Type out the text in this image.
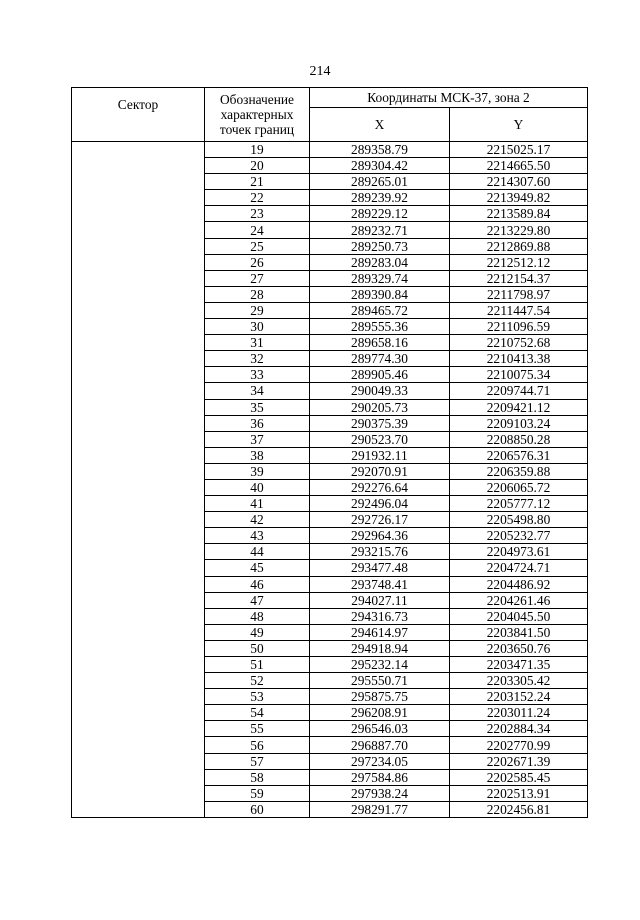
214
Сектор	Обозначение характерных точек границ	Координаты МСК-37, зона 2	
		X	Y
	19	289358.79	2215025.17
	20	289304.42	2214665.50
	21	289265.01	2214307.60
	22	289239.92	2213949.82
	23	289229.12	2213589.84
	24	289232.71	2213229.80
	25	289250.73	2212869.88
	26	289283.04	2212512.12
	27	289329.74	2212154.37
	28	289390.84	2211798.97
	29	289465.72	2211447.54
	30	289555.36	2211096.59
	31	289658.16	2210752.68
	32	289774.30	2210413.38
	33	289905.46	2210075.34
	34	290049.33	2209744.71
	35	290205.73	2209421.12
	36	290375.39	2209103.24
	37	290523.70	2208850.28
	38	291932.11	2206576.31
	39	292070.91	2206359.88
	40	292276.64	2206065.72
	41	292496.04	2205777.12
	42	292726.17	2205498.80
	43	292964.36	2205232.77
	44	293215.76	2204973.61
	45	293477.48	2204724.71
	46	293748.41	2204486.92
	47	294027.11	2204261.46
	48	294316.73	2204045.50
	49	294614.97	2203841.50
	50	294918.94	2203650.76
	51	295232.14	2203471.35
	52	295550.71	2203305.42
	53	295875.75	2203152.24
	54	296208.91	2203011.24
	55	296546.03	2202884.34
	56	296887.70	2202770.99
	57	297234.05	2202671.39
	58	297584.86	2202585.45
	59	297938.24	2202513.91
	60	298291.77	2202456.81
